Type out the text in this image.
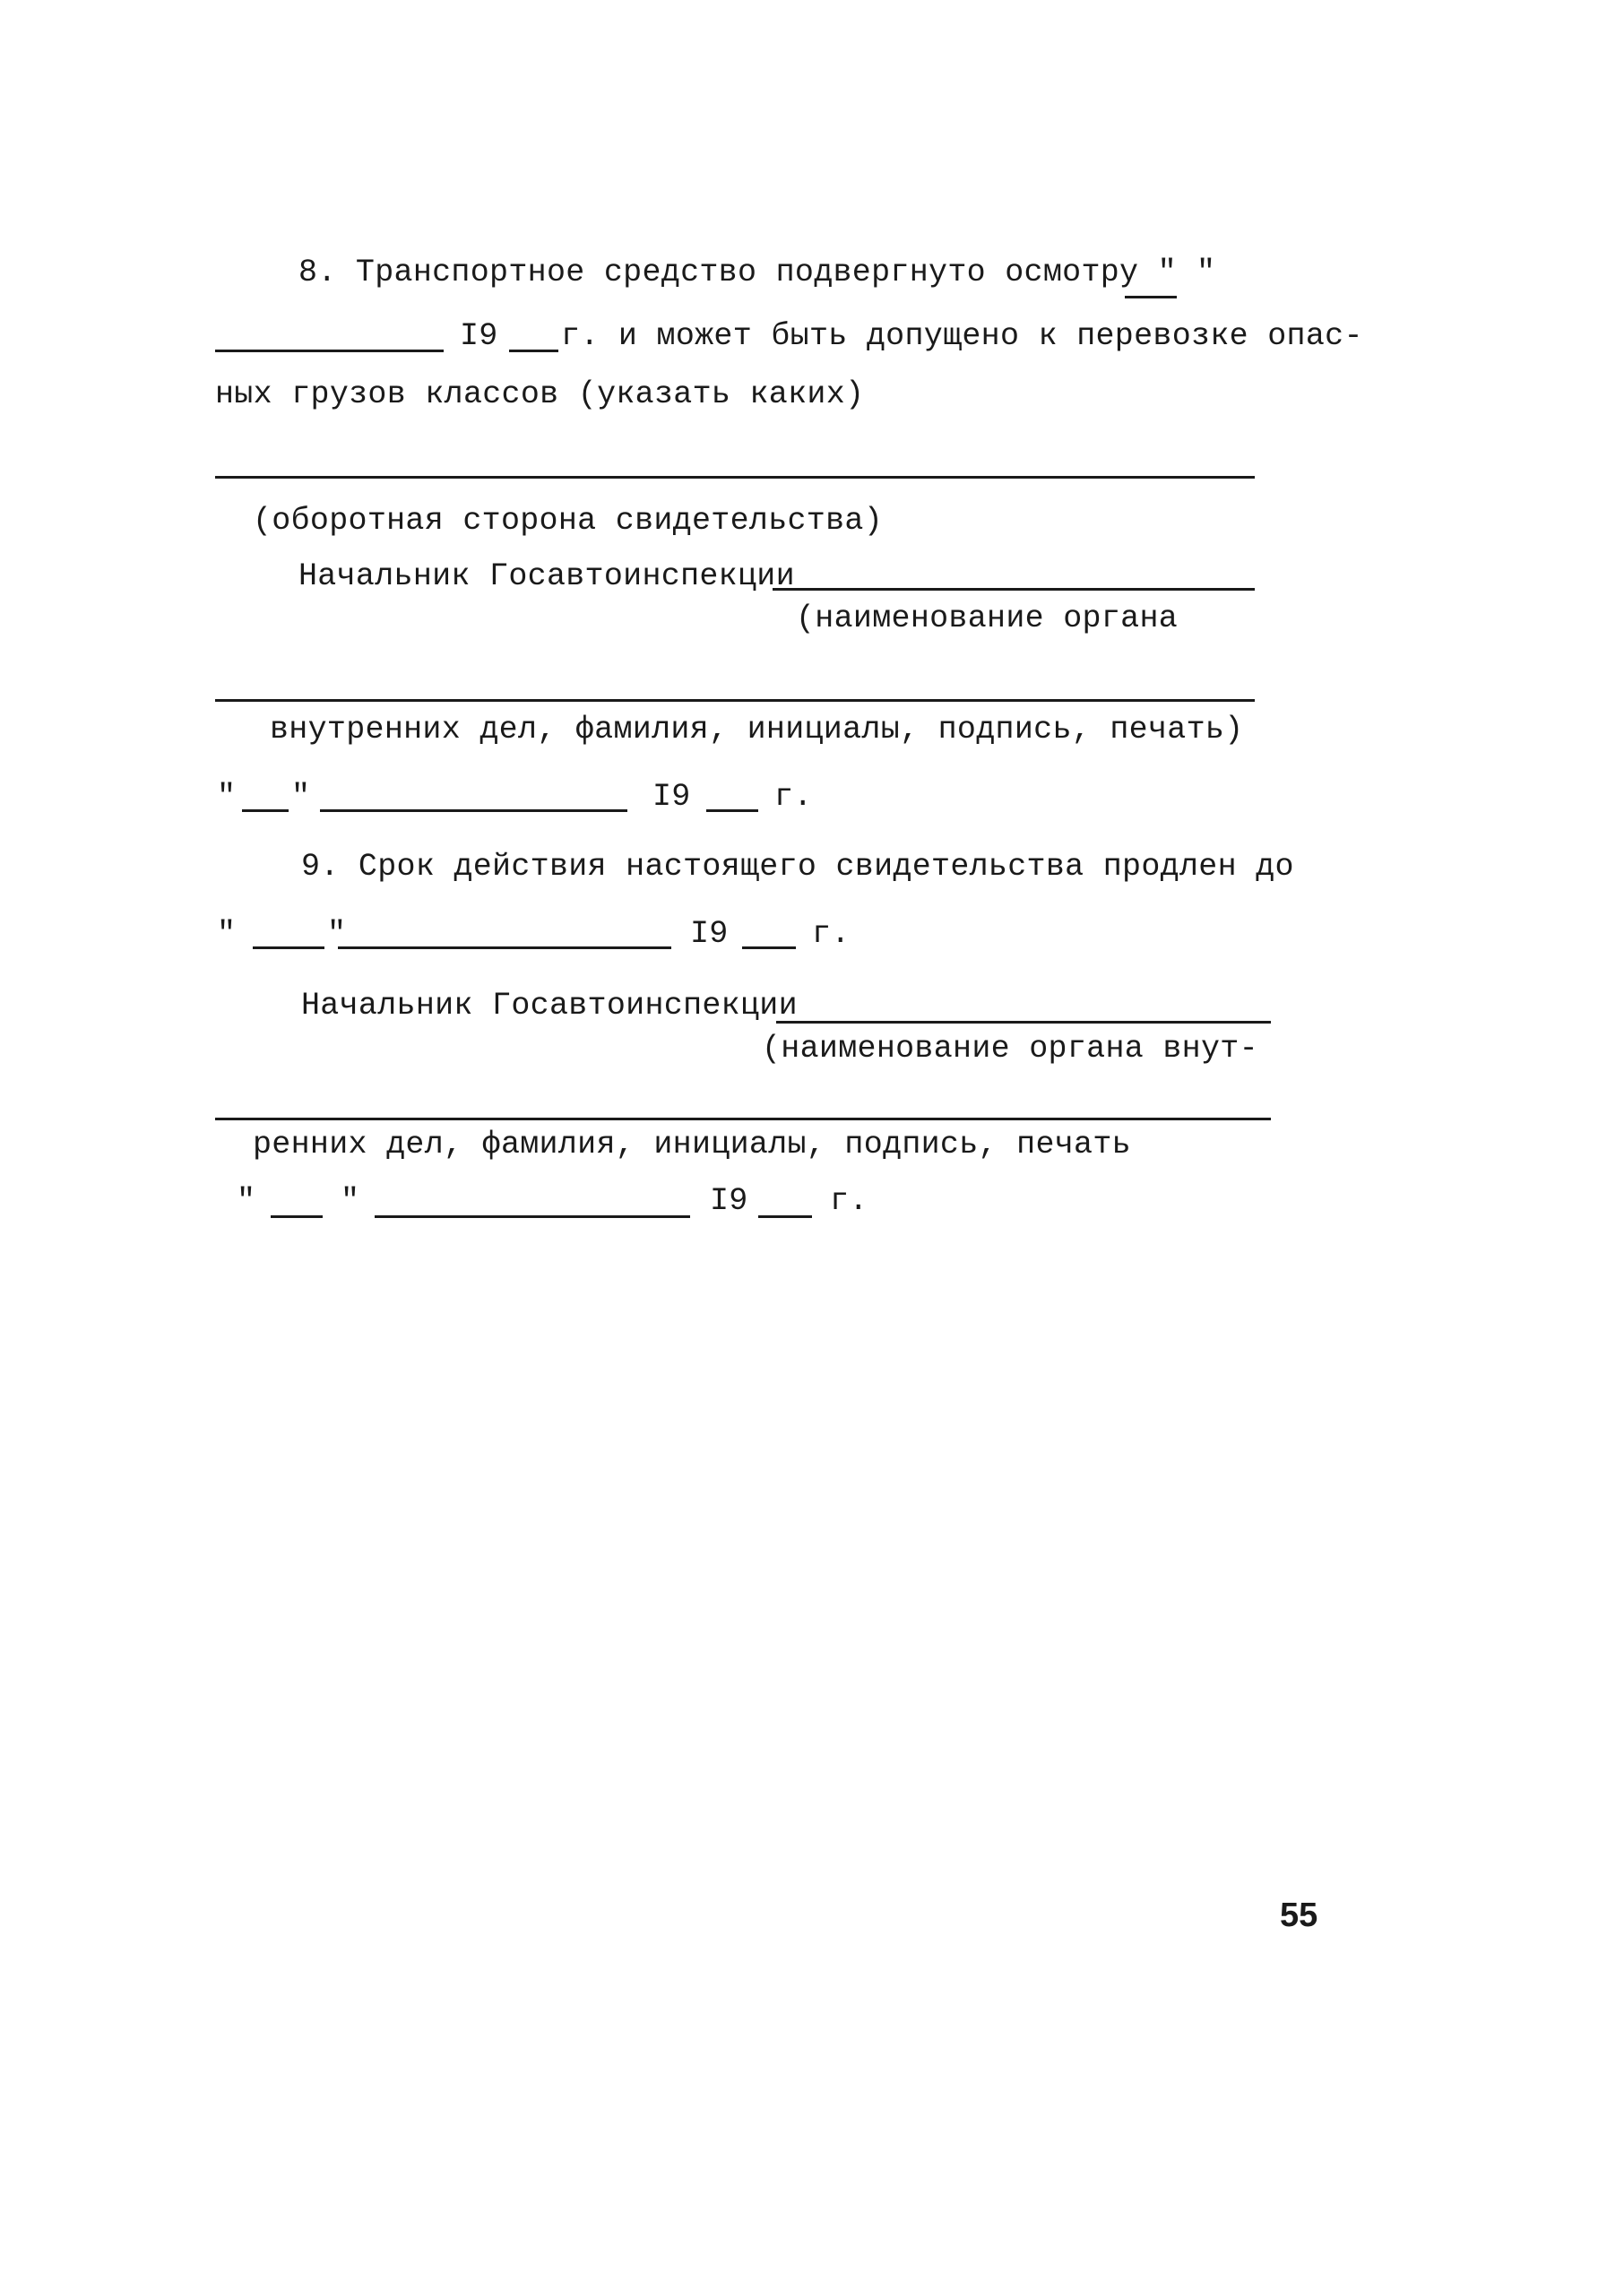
8. Транспортное средство подвергнуто осмотру " "
I9 г. и может быть допущено к перевозке опас-
ных грузов классов (указать каких)
(оборотная сторона свидетельства)
Начальник Госавтоинспекции
(наименование органа
внутренних дел, фамилия, инициалы, подпись, печать)
" "	I9	г.
9. Срок действия настоящего свидетельства продлен до
"	"	I9	г.
Начальник Госавтоинспекции
(наименование органа внут-
ренних дел, фамилия, инициалы, подпись, печать
"	"	I9	г.
55
